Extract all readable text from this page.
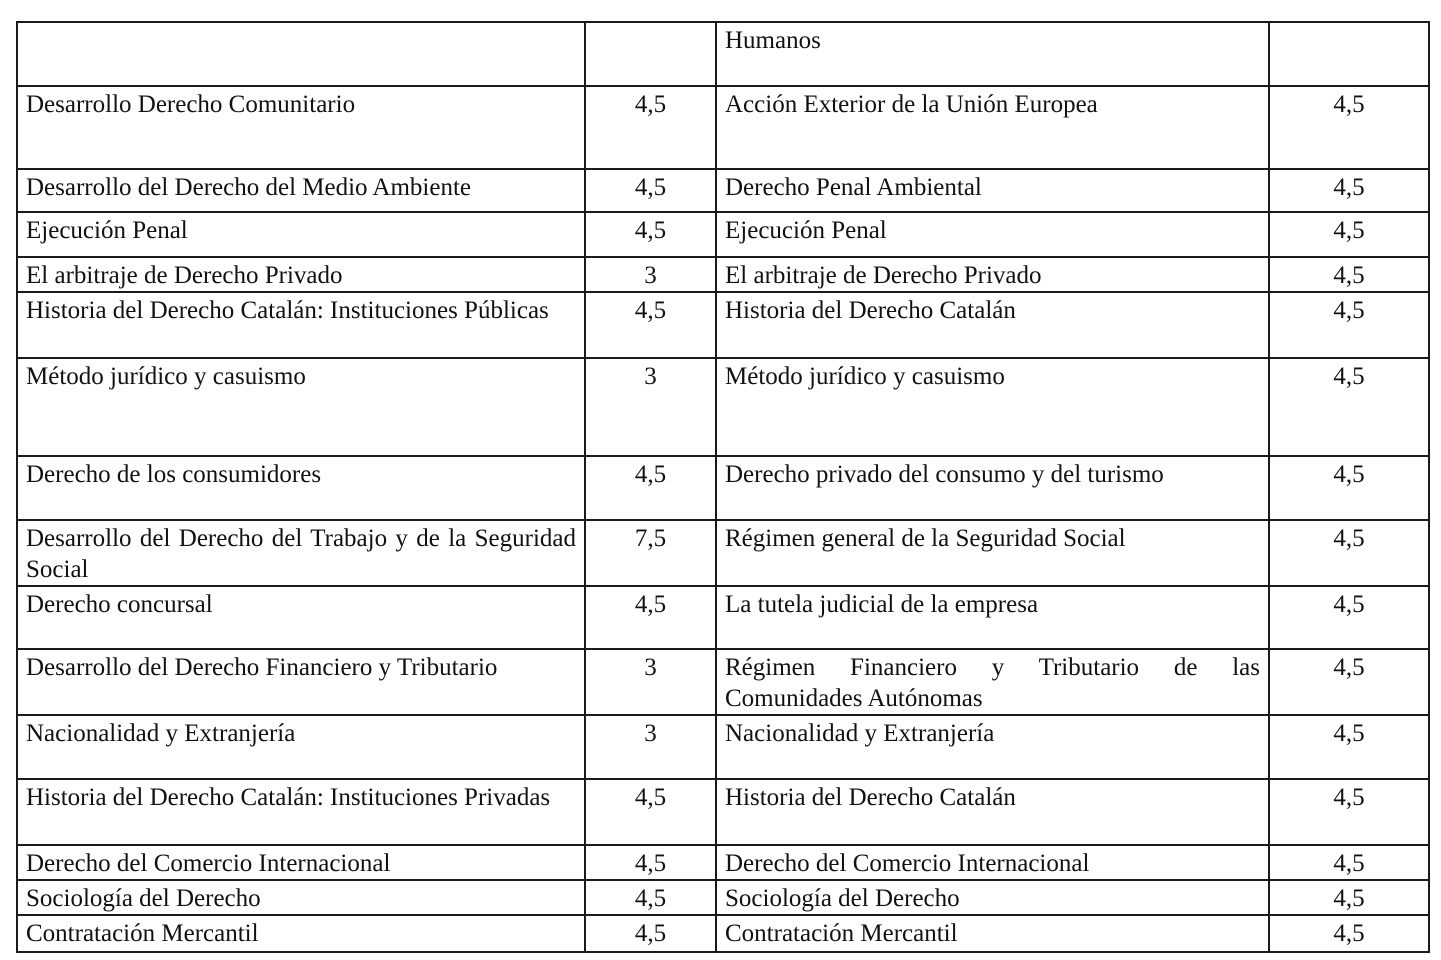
		Humanos	
Desarrollo Derecho Comunitario	4,5	Acción Exterior de la Unión Europea	4,5
Desarrollo del Derecho del Medio Ambiente	4,5	Derecho Penal Ambiental	4,5
Ejecución Penal	4,5	Ejecución Penal	4,5
El arbitraje de Derecho Privado	3	El arbitraje de Derecho Privado	4,5
Historia del Derecho Catalán: Instituciones Públicas	4,5	Historia del Derecho Catalán	4,5
Método jurídico y casuismo	3	Método jurídico y casuismo	4,5
Derecho de los consumidores	4,5	Derecho privado del consumo y del turismo	4,5
Desarrollo del Derecho del Trabajo y de la Seguridad Social	7,5	Régimen general de la Seguridad Social	4,5
Derecho concursal	4,5	La tutela judicial de la empresa	4,5
Desarrollo del Derecho Financiero y Tributario	3	Régimen Financiero y Tributario de las Comunidades Autónomas	4,5
Nacionalidad y Extranjería	3	Nacionalidad y Extranjería	4,5
Historia del Derecho Catalán: Instituciones Privadas	4,5	Historia del Derecho Catalán	4,5
Derecho del Comercio Internacional	4,5	Derecho del Comercio Internacional	4,5
Sociología del Derecho	4,5	Sociología del Derecho	4,5
Contratación Mercantil	4,5	Contratación Mercantil	4,5
